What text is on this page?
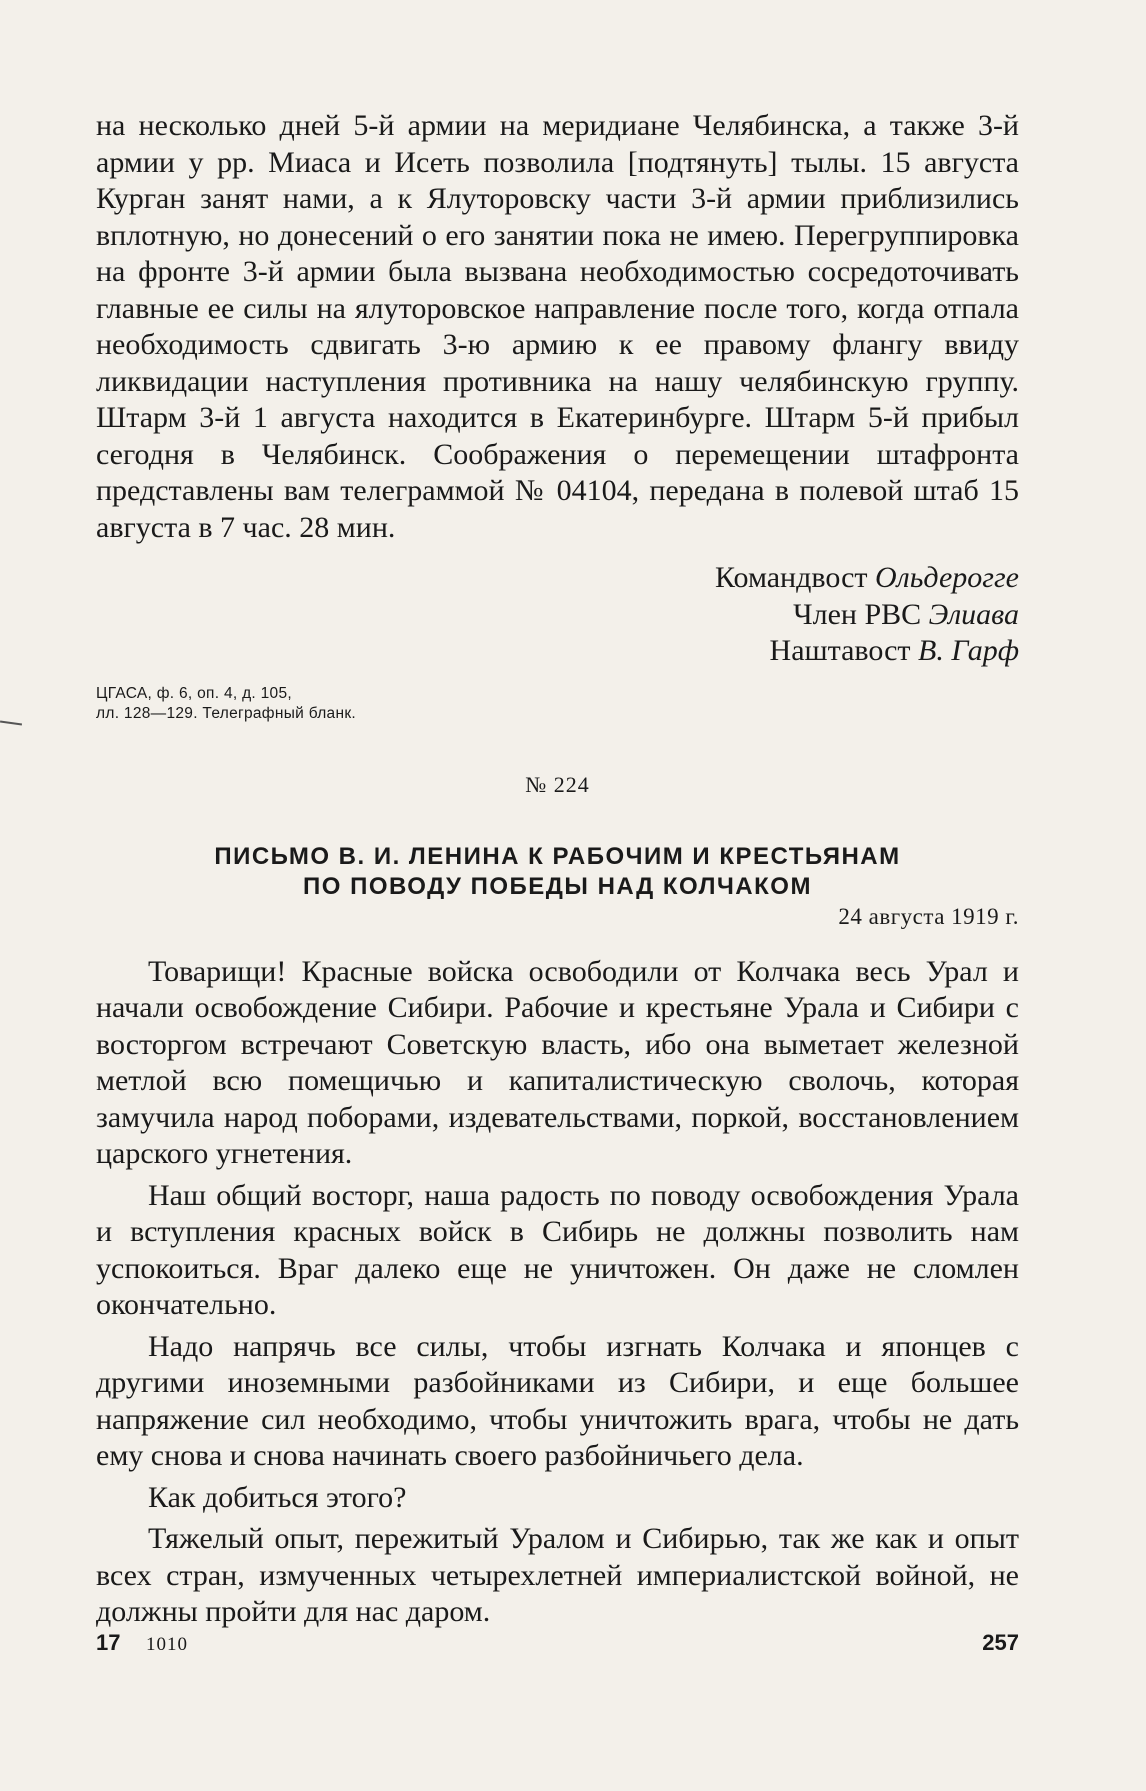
на несколько дней 5-й армии на меридиане Челябинска, а также 3-й армии у рр. Миаса и Исеть позволила [подтянуть] тылы. 15 августа Курган занят нами, а к Ялуторовску части 3-й армии приблизились вплотную, но донесений о его занятии пока не имею. Перегруппировка на фронте 3-й армии была вызвана необходимостью сосредоточивать главные ее силы на ялуторовское направление после того, когда отпала необходимость сдвигать 3-ю армию к ее правому флангу ввиду ликвидации наступления противника на нашу челябинскую группу. Штарм 3-й 1 августа находится в Екатеринбурге. Штарм 5-й прибыл сегодня в Челябинск. Соображения о перемещении штафронта представлены вам телеграммой № 04104, передана в полевой штаб 15 августа в 7 час. 28 мин.

Командвост Ольдерогге
Член РВС Элиава
Наштавост В. Гарф
ЦГАСА, ф. 6, оп. 4, д. 105,
лл. 128—129. Телеграфный бланк.
№ 224
ПИСЬМО В. И. ЛЕНИНА К РАБОЧИМ И КРЕСТЬЯНАМ
ПО ПОВОДУ ПОБЕДЫ НАД КОЛЧАКОМ
24 августа 1919 г.

Товарищи! Красные войска освободили от Колчака весь Урал и начали освобождение Сибири. Рабочие и крестьяне Урала и Сибири с восторгом встречают Советскую власть, ибо она выметает железной метлой всю помещичью и капиталистическую сволочь, которая замучила народ поборами, издевательствами, поркой, восстановлением царского угнетения.

Наш общий восторг, наша радость по поводу освобождения Урала и вступления красных войск в Сибирь не должны позволить нам успокоиться. Враг далеко еще не уничтожен. Он даже не сломлен окончательно.

Надо напрячь все силы, чтобы изгнать Колчака и японцев с другими иноземными разбойниками из Сибири, и еще большее напряжение сил необходимо, чтобы уничтожить врага, чтобы не дать ему снова и снова начинать своего разбойничьего дела.

Как добиться этого?

Тяжелый опыт, пережитый Уралом и Сибирью, так же как и опыт всех стран, измученных четырехлетней империалистской войной, не должны пройти для нас даром.

17 1010	257
